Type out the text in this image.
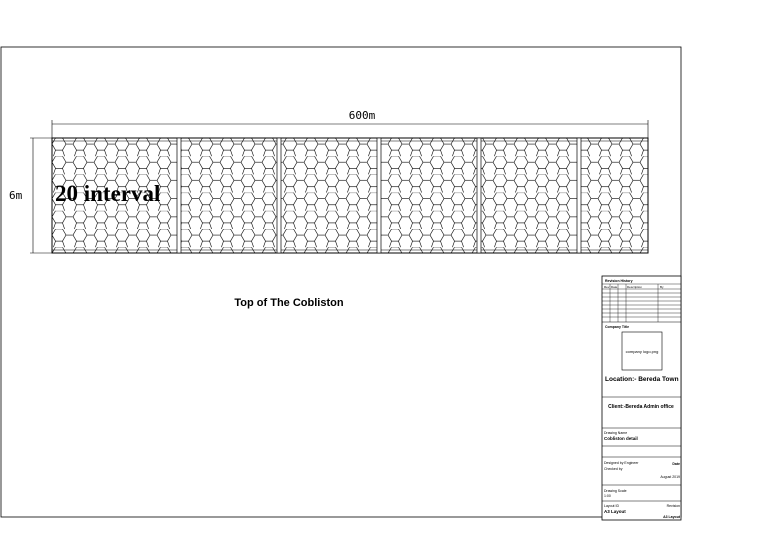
600m
6m 20 interval
Top of The Cobliston
Revision History
Rev Date	Description	By
Company Title
company logo.png
Location:- Bereda Town
Client:-Bereda Admin office
Drawing Name
Cobliston detail
Designed by Engineer
Checked by
Date
August 2019
Drawing Scale
1:00
Layout ID
A3 Layout
Revision
A3 Layout
